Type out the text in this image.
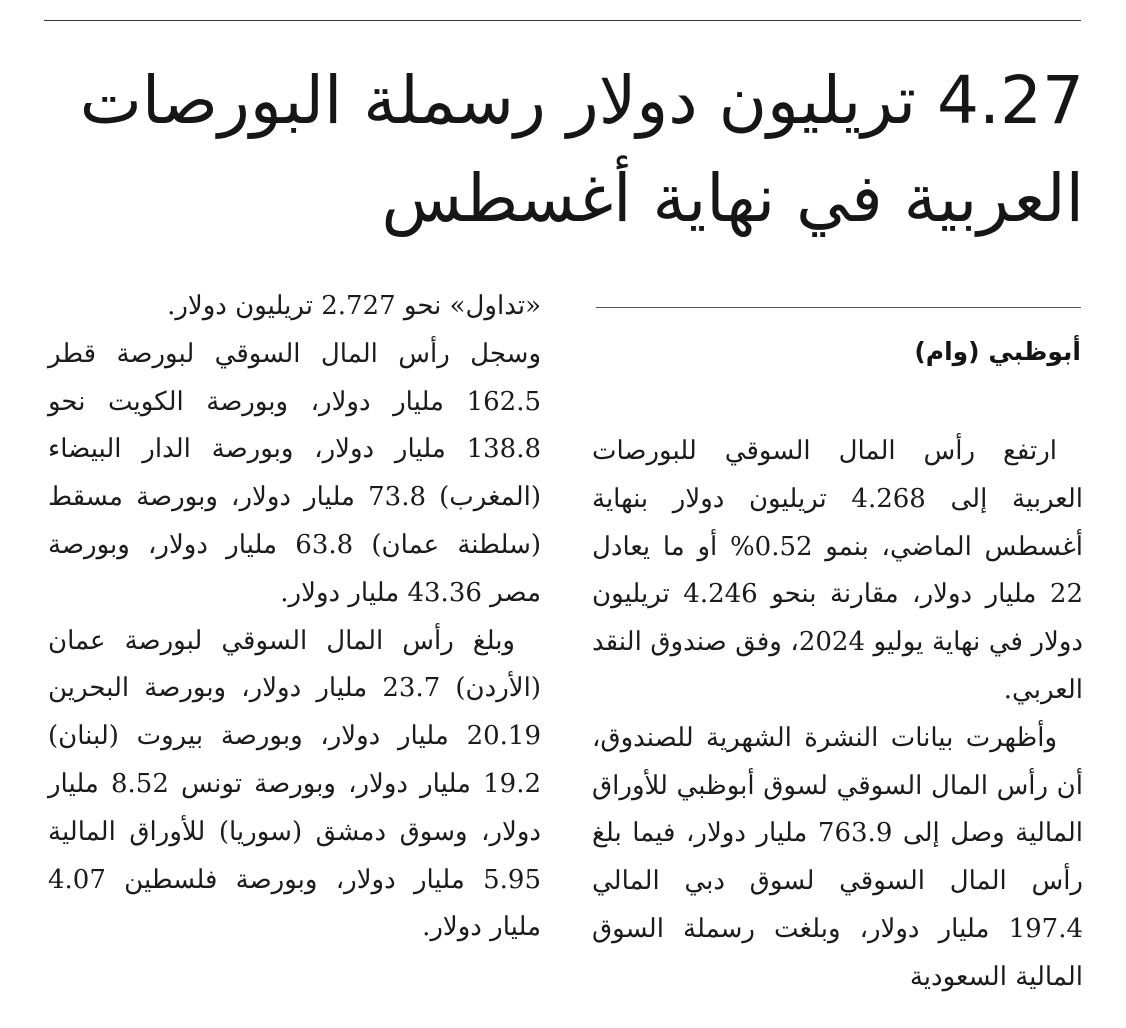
4.27 تريليون دولار رسملة البورصات
العربية في نهاية أغسطس
أبوظبي (وام)

ارتفع رأس المال السوقي للبورصات العربية إلى 4.268 تريليون دولار بنهاية أغسطس الماضي، بنمو 0.52% أو ما يعادل 22 مليار دولار، مقارنة بنحو 4.246 تريليون دولار في نهاية يوليو 2024، وفق صندوق النقد العربي.

وأظهرت بيانات النشرة الشهرية للصندوق، أن رأس المال السوقي لسوق أبوظبي للأوراق المالية وصل إلى 763.9 مليار دولار، فيما بلغ رأس المال السوقي لسوق دبي المالي 197.4 مليار دولار، وبلغت رسملة السوق المالية السعودية

«تداول» نحو 2.727 تريليون دولار.

وسجل رأس المال السوقي لبورصة قطر 162.5 مليار دولار، وبورصة الكويت نحو 138.8 مليار دولار، وبورصة الدار البيضاء (المغرب) 73.8 مليار دولار، وبورصة مسقط (سلطنة عمان) 63.8 مليار دولار، وبورصة مصر 43.36 مليار دولار.

وبلغ رأس المال السوقي لبورصة عمان (الأردن) 23.7 مليار دولار، وبورصة البحرين 20.19 مليار دولار، وبورصة بيروت (لبنان) 19.2 مليار دولار، وبورصة تونس 8.52 مليار دولار، وسوق دمشق (سوريا) للأوراق المالية 5.95 مليار دولار، وبورصة فلسطين 4.07 مليار دولار.
